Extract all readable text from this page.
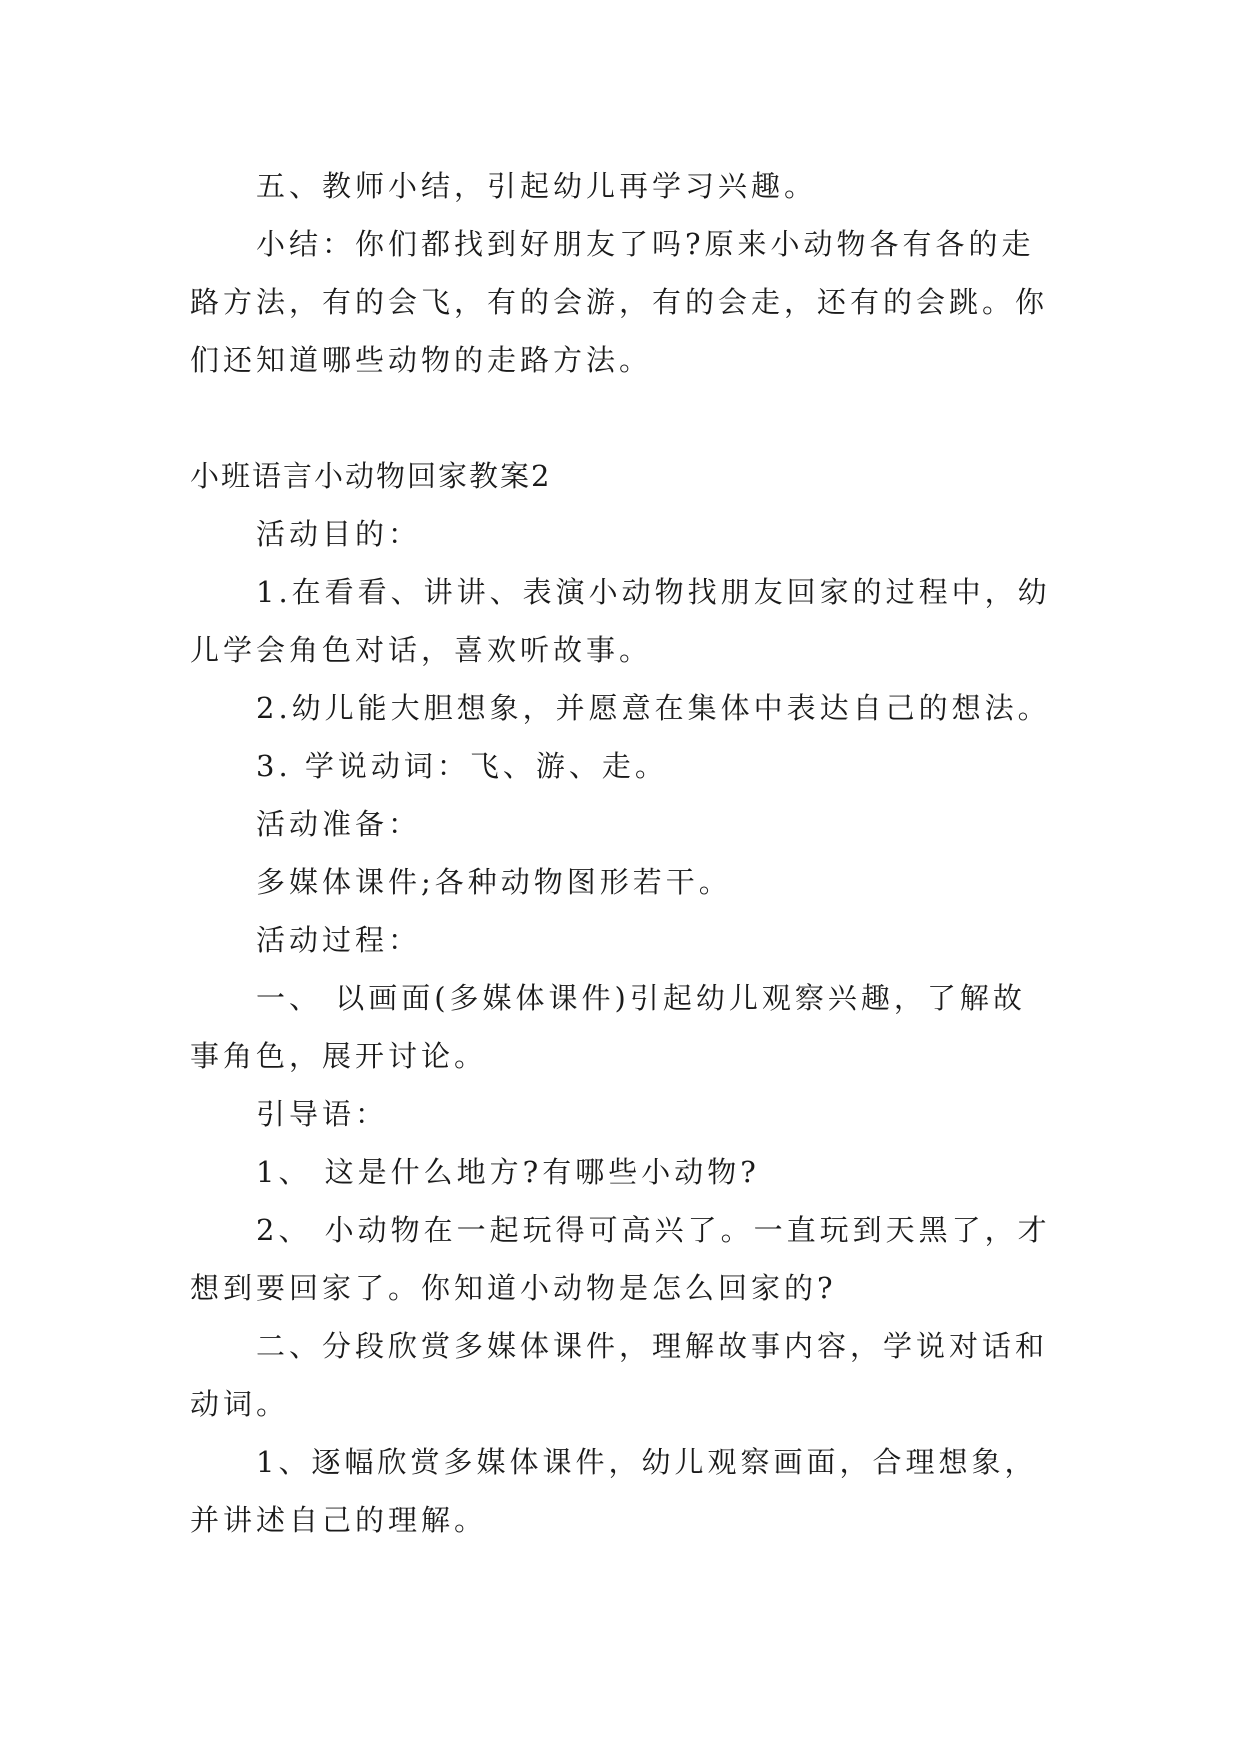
五、教师小结，引起幼儿再学习兴趣。
小结：你们都找到好朋友了吗?原来小动物各有各的走
路方法，有的会飞，有的会游，有的会走，还有的会跳。你
们还知道哪些动物的走路方法。
小班语言小动物回家教案2
活动目的：
1.在看看、讲讲、表演小动物找朋友回家的过程中，幼
儿学会角色对话，喜欢听故事。
2.幼儿能大胆想象，并愿意在集体中表达自己的想法。
3. 学说动词：飞、游、走。
活动准备：
多媒体课件;各种动物图形若干。
活动过程：
一、 以画面(多媒体课件)引起幼儿观察兴趣，了解故
事角色，展开讨论。
引导语：
1、 这是什么地方?有哪些小动物?
2、 小动物在一起玩得可高兴了。一直玩到天黑了，才
想到要回家了。你知道小动物是怎么回家的?
二、分段欣赏多媒体课件，理解故事内容，学说对话和
动词。
1、逐幅欣赏多媒体课件，幼儿观察画面，合理想象，
并讲述自己的理解。
